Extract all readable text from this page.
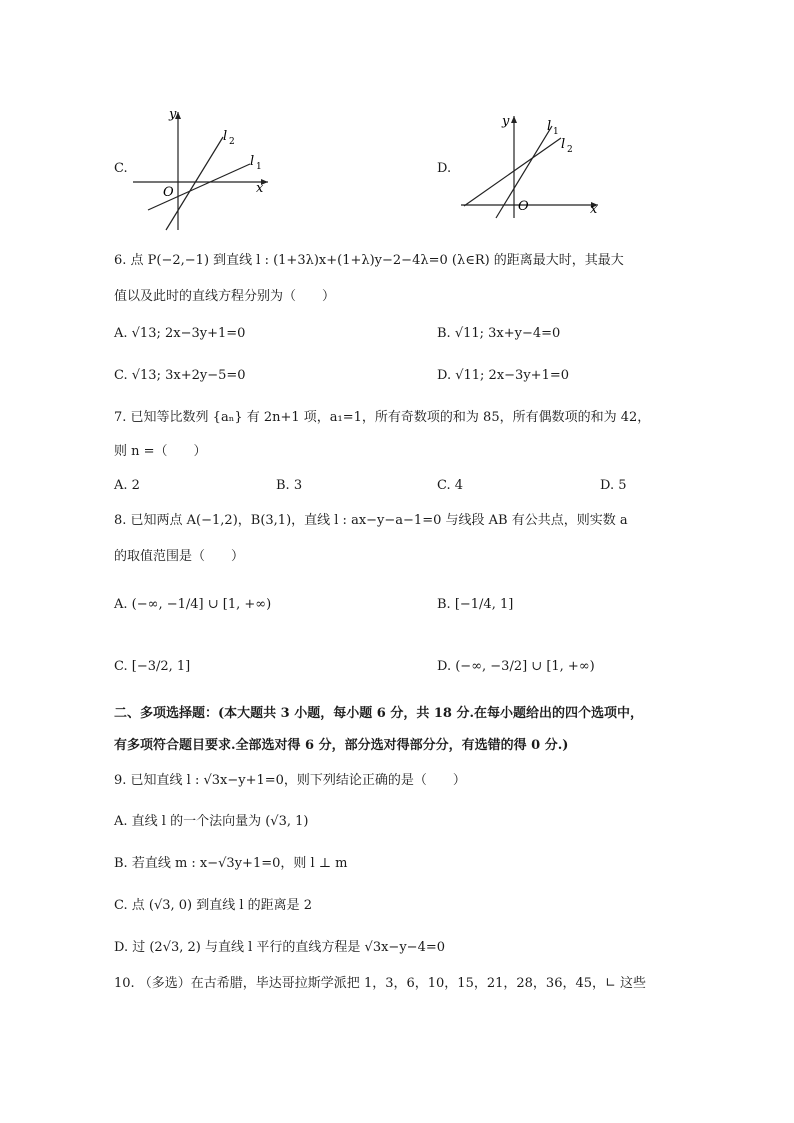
C.
y
x
O
l 2
l 1	D.
y
x
O
l 1
l 2
6. 点 P(−2,−1) 到直线 l : (1+3λ)x+(1+λ)y−2−4λ=0 (λ∈R) 的距离最大时，其最大
值以及此时的直线方程分别为（　　）
A. √13; 2x−3y+1=0	B. √11; 3x+y−4=0
C. √13; 3x+2y−5=0	D. √11; 2x−3y+1=0
7. 已知等比数列 {aₙ} 有 2n+1 项，a₁=1，所有奇数项的和为 85，所有偶数项的和为 42，
则 n =（　　）
A. 2	B. 3	C. 4	D. 5
8. 已知两点 A(−1,2)，B(3,1)，直线 l : ax−y−a−1=0 与线段 AB 有公共点，则实数 a
的取值范围是（　　）
A. (−∞, −1/4] ∪ [1, +∞)	B. [−1/4, 1]
C. [−3/2, 1]	D. (−∞, −3/2] ∪ [1, +∞)
二、多项选择题：(本大题共 3 小题，每小题 6 分，共 18 分.在每小题给出的四个选项中，
有多项符合题目要求.全部选对得 6 分，部分选对得部分分，有选错的得 0 分.)
9. 已知直线 l : √3x−y+1=0，则下列结论正确的是（　　）
A. 直线 l 的一个法向量为 (√3, 1)
B. 若直线 m : x−√3y+1=0，则 l ⊥ m
C. 点 (√3, 0) 到直线 l 的距离是 2
D. 过 (2√3, 2) 与直线 l 平行的直线方程是 √3x−y−4=0
10. （多选）在古希腊，毕达哥拉斯学派把 1，3，6，10，15，21，28，36，45，∟ 这些
